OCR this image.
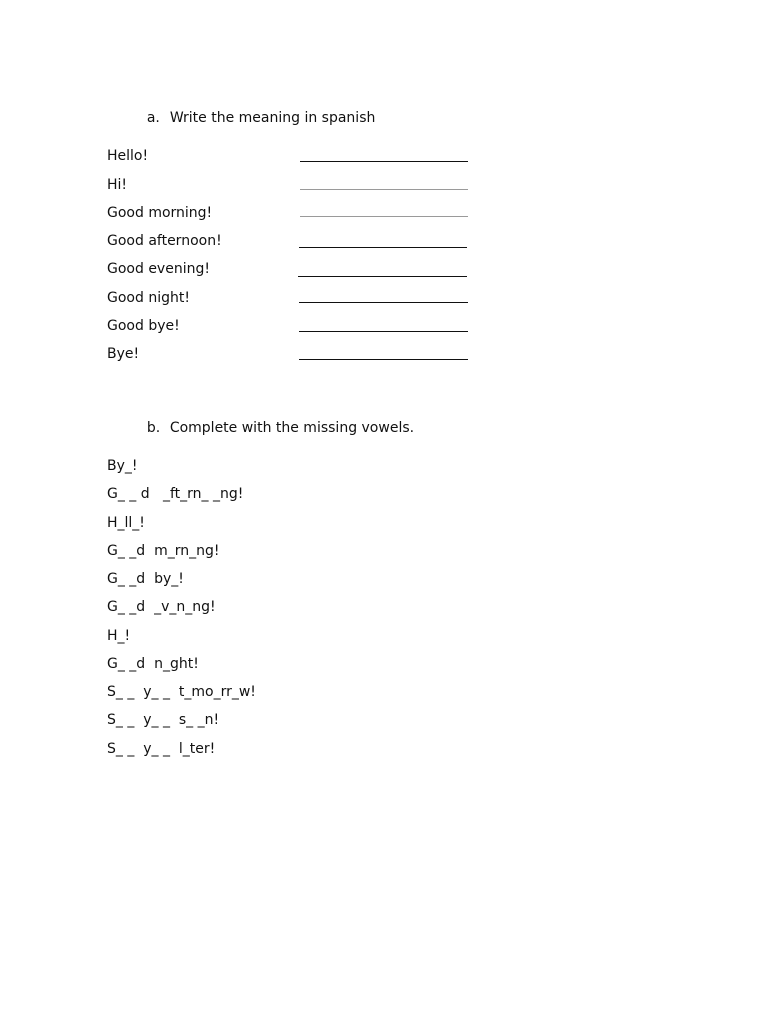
a. Write the meaning in spanish

Hello!
Hi!
Good morning!
Good afternoon!
Good evening!
Good night!
Good bye!
Bye!

b. Complete with the missing vowels.

By_!
G_ _ d   _ft_rn_ _ng!
H_ll_!
G_ _d  m_rn_ng!
G_ _d  by_!
G_ _d  _v_n_ng!
H_!
G_ _d  n_ght!
S_ _  y_ _  t_mo_rr_w!
S_ _  y_ _  s_ _n!
S_ _  y_ _  l_ter!
